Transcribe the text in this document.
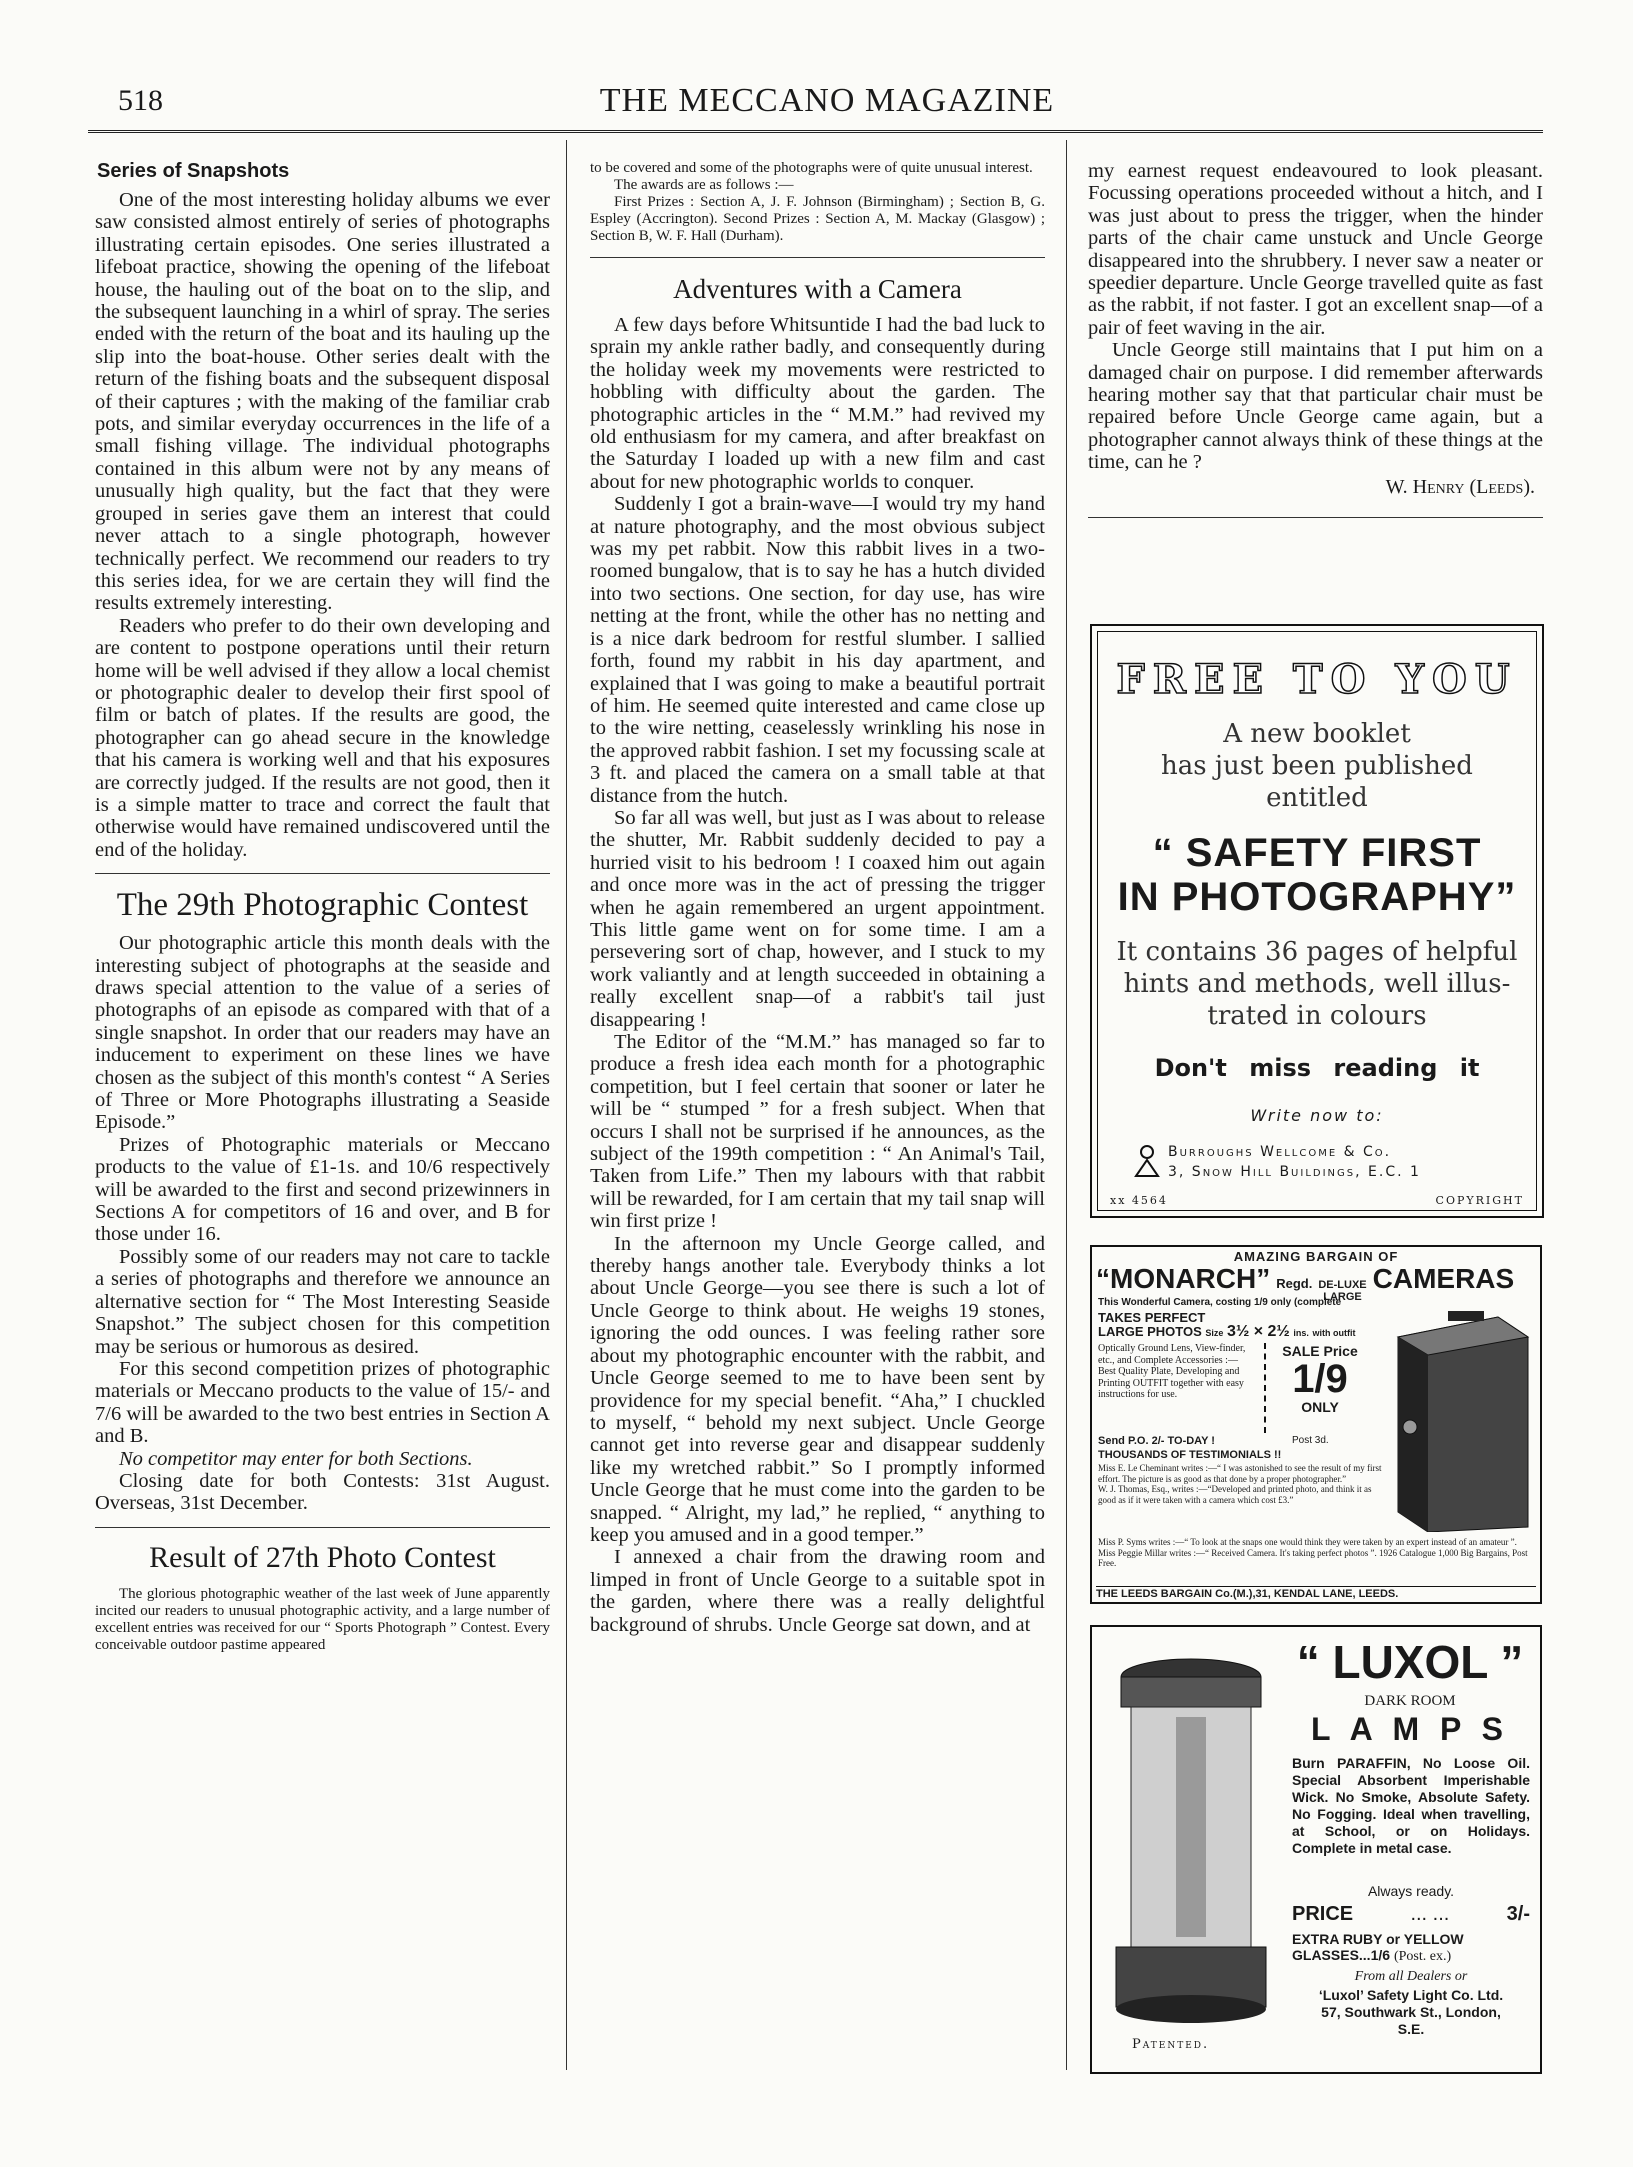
518	THE MECCANO MAGAZINE
Series of Snapshots

One of the most interesting holiday albums we ever saw consisted almost entirely of series of photographs illustrating certain episodes. One series illustrated a lifeboat practice, showing the opening of the lifeboat house, the hauling out of the boat on to the slip, and the subsequent launching in a whirl of spray. The series ended with the return of the boat and its hauling up the slip into the boat-house. Other series dealt with the return of the fishing boats and the subsequent disposal of their captures ; with the making of the familiar crab pots, and similar everyday occurrences in the life of a small fishing village. The individual photographs contained in this album were not by any means of unusually high quality, but the fact that they were grouped in series gave them an interest that could never attach to a single photograph, however technically perfect. We recommend our readers to try this series idea, for we are certain they will find the results extremely interesting.

Readers who prefer to do their own developing and are content to postpone operations until their return home will be well advised if they allow a local chemist or photographic dealer to develop their first spool of film or batch of plates. If the results are good, the photographer can go ahead secure in the knowledge that his camera is working well and that his exposures are correctly judged. If the results are not good, then it is a simple matter to trace and correct the fault that otherwise would have remained undiscovered until the end of the holiday.

The 29th Photographic Contest

Our photographic article this month deals with the interesting subject of photographs at the seaside and draws special attention to the value of a series of photographs of an episode as compared with that of a single snapshot. In order that our readers may have an inducement to experiment on these lines we have chosen as the subject of this month's contest “ A Series of Three or More Photographs illustrating a Seaside Episode.”

Prizes of Photographic materials or Meccano products to the value of £1-1s. and 10/6 respectively will be awarded to the first and second prizewinners in Sections A for competitors of 16 and over, and B for those under 16.

Possibly some of our readers may not care to tackle a series of photographs and therefore we announce an alternative section for “ The Most Interesting Seaside Snapshot.” The subject chosen for this competition may be serious or humorous as desired.

For this second competition prizes of photographic materials or Meccano products to the value of 15/- and 7/6 will be awarded to the two best entries in Section A and B.

No competitor may enter for both Sections.

Closing date for both Contests: 31st August. Overseas, 31st December.

Result of 27th Photo Contest

The glorious photographic weather of the last week of June apparently incited our readers to unusual photographic activity, and a large number of excellent entries was received for our “ Sports Photograph ” Contest. Every conceivable outdoor pastime appeared

to be covered and some of the photographs were of quite unusual interest.

The awards are as follows :—

First Prizes : Section A, J. F. Johnson (Birmingham) ; Section B, G. Espley (Accrington). Second Prizes : Section A, M. Mackay (Glasgow) ; Section B, W. F. Hall (Durham).

Adventures with a Camera

A few days before Whitsuntide I had the bad luck to sprain my ankle rather badly, and consequently during the holiday week my movements were restricted to hobbling with difficulty about the garden. The photographic articles in the “ M.M.” had revived my old enthusiasm for my camera, and after breakfast on the Saturday I loaded up with a new film and cast about for new photographic worlds to conquer.

Suddenly I got a brain-wave—I would try my hand at nature photography, and the most obvious subject was my pet rabbit. Now this rabbit lives in a two-roomed bungalow, that is to say he has a hutch divided into two sections. One section, for day use, has wire netting at the front, while the other has no netting and is a nice dark bedroom for restful slumber. I sallied forth, found my rabbit in his day apartment, and explained that I was going to make a beautiful portrait of him. He seemed quite interested and came close up to the wire netting, ceaselessly wrinkling his nose in the approved rabbit fashion. I set my focussing scale at 3 ft. and placed the camera on a small table at that distance from the hutch.

So far all was well, but just as I was about to release the shutter, Mr. Rabbit suddenly decided to pay a hurried visit to his bedroom ! I coaxed him out again and once more was in the act of pressing the trigger when he again remembered an urgent appointment. This little game went on for some time. I am a persevering sort of chap, however, and I stuck to my work valiantly and at length succeeded in obtaining a really excellent snap—of a rabbit's tail just disappearing !

The Editor of the “M.M.” has managed so far to produce a fresh idea each month for a photographic competition, but I feel certain that sooner or later he will be “ stumped ” for a fresh subject. When that occurs I shall not be surprised if he announces, as the subject of the 199th competition : “ An Animal's Tail, Taken from Life.” Then my labours with that rabbit will be rewarded, for I am certain that my tail snap will win first prize !

In the afternoon my Uncle George called, and thereby hangs another tale. Everybody thinks a lot about Uncle George—you see there is such a lot of Uncle George to think about. He weighs 19 stones, ignoring the odd ounces. I was feeling rather sore about my photographic encounter with the rabbit, and Uncle George seemed to me to have been sent by providence for my special benefit. “Aha,” I chuckled to myself, “ behold my next subject. Uncle George cannot get into reverse gear and disappear suddenly like my wretched rabbit.” So I promptly informed Uncle George that he must come into the garden to be snapped. “ Alright, my lad,” he replied, “ anything to keep you amused and in a good temper.”

I annexed a chair from the drawing room and limped in front of Uncle George to a suitable spot in the garden, where there was a really delightful background of shrubs. Uncle George sat down, and at

my earnest request endeavoured to look pleasant. Focussing operations proceeded without a hitch, and I was just about to press the trigger, when the hinder parts of the chair came unstuck and Uncle George disappeared into the shrubbery. I never saw a neater or speedier departure. Uncle George travelled quite as fast as the rabbit, if not faster. I got an excellent snap—of a pair of feet waving in the air.

Uncle George still maintains that I put him on a damaged chair on purpose. I did remember afterwards hearing mother say that that particular chair must be repaired before Uncle George came again, but a photographer cannot always think of these things at the time, can he ?

W. Henry (Leeds).
FREE TO YOU
A new booklet
has just been published
entitled
“ SAFETY FIRST
IN PHOTOGRAPHY”
It contains 36 pages of helpful
hints and methods, well illus-
trated in colours
Don't miss reading it
Write now to:
Burroughs Wellcome & Co.
3, Snow Hill Buildings, E.C. 1
xx 4564	COPYRIGHT
AMAZING BARGAIN OF
“MONARCH” Regd. DE-LUXE
LARGE
CAMERAS
This Wonderful Camera, costing 1/9 only (complete
TAKES PERFECT
LARGE PHOTOS Size 3½ × 2½ ins. with outfit
Optically Ground Lens, View-finder, etc., and Complete Accessories :— Best Quality Plate, Developing and Printing OUTFIT together with easy instructions for use.
SALE Price
1/9
ONLY
Send P.O. 2/- TO-DAY !	Post 3d.
THOUSANDS OF TESTIMONIALS !!
Miss E. Le Cheminant writes :—“ I was astonished to see the result of my first effort. The picture is as good as that done by a proper photographer.”
W. J. Thomas, Esq., writes :—“Developed and printed photo, and think it as good as if it were taken with a camera which cost £3.”
Miss P. Syms writes :—“ To look at the snaps one would think they were taken by an expert instead of an amateur ”.
Miss Peggie Millar writes :—“ Received Camera. It's taking perfect photos ”. 1926 Catalogue 1,000 Big Bargains, Post Free.
THE LEEDS BARGAIN Co.(M.),31, KENDAL LANE, LEEDS.
Patented.
“ LUXOL ”
DARK ROOM
L A M P S
Burn PARAFFIN, No Loose Oil. Special Absorbent Imperishable Wick. No Smoke, Absolute Safety. No Fogging. Ideal when travelling, at School, or on Holidays. Complete in metal case.
Always ready.
PRICE	... ...	3/-
EXTRA RUBY or YELLOW GLASSES...1/6 (Post. ex.)
From all Dealers or
‘Luxol’ Safety Light Co. Ltd.
57, Southwark St., London,
S.E.
